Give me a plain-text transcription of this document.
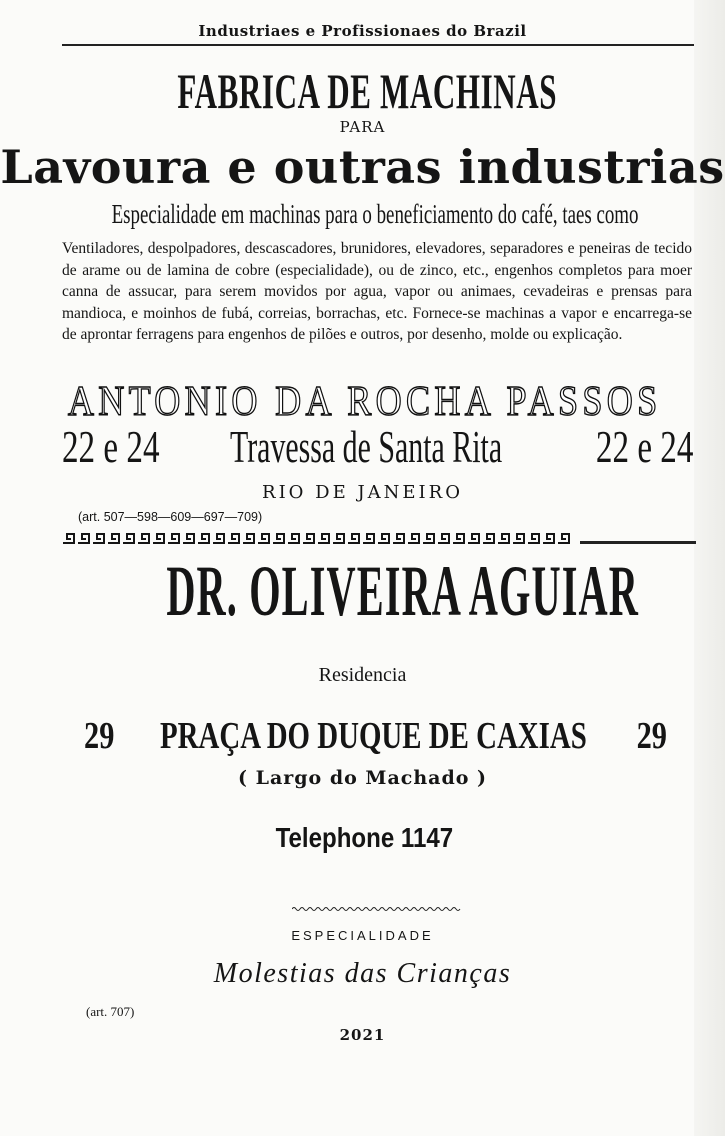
Industriaes e Profissionaes do Brazil
FABRICA DE MACHINAS
PARA
Lavoura e outras industrias
Especialidade em machinas para o beneficiamento do café, taes como
Ventiladores, despolpadores, descascadores, brunidores, elevadores, separadores e peneiras de tecido de arame ou de lamina de cobre (especialidade), ou de zinco, etc., engenhos completos para moer canna de assucar, para serem movidos por agua, vapor ou animaes, cevadeiras e prensas para mandioca, e moinhos de fubá, correias, borrachas, etc. Fornece-se machinas a vapor e encarrega-se de aprontar ferragens para engenhos de pilões e outros, por desenho, molde ou explicação.
ANTONIO DA ROCHA PASSOS
22 e 24 Travessa de Santa Rita 22 e 24
RIO DE JANEIRO
(art. 507—598—609—697—709)
DR. OLIVEIRA AGUIAR
Residencia
29 PRAÇA DO DUQUE DE CAXIAS 29
( Largo do Machado )
Telephone 1147
ESPECIALIDADE
Molestias das Crianças
(art. 707)
2021
